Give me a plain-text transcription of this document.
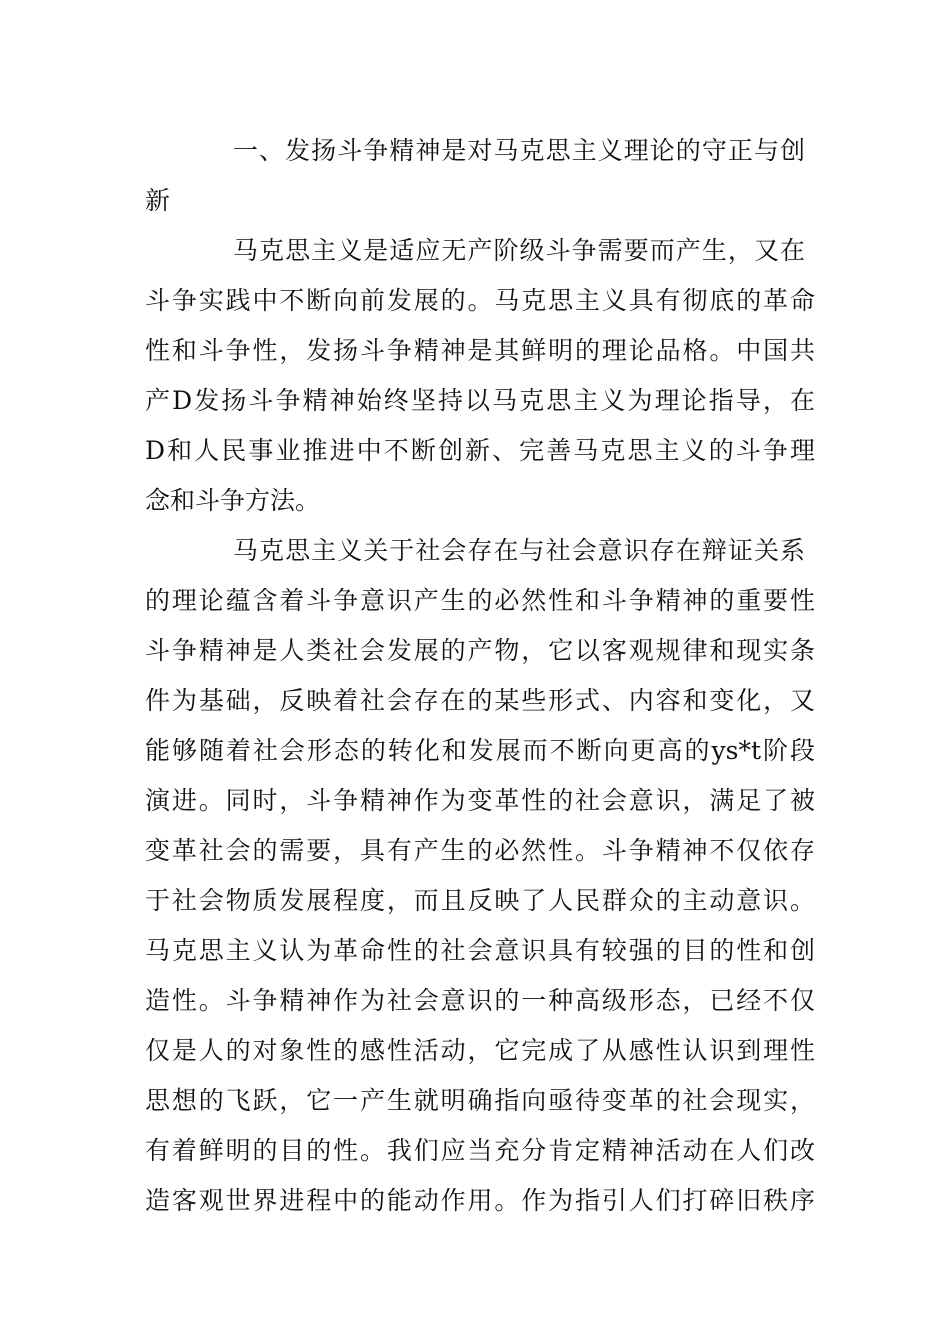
一、发扬斗争精神是对马克思主义理论的守正与创
新
马克思主义是适应无产阶级斗争需要而产生，又在
斗争实践中不断向前发展的。马克思主义具有彻底的革命
性和斗争性，发扬斗争精神是其鲜明的理论品格。中国共
产D发扬斗争精神始终坚持以马克思主义为理论指导，在
D和人民事业推进中不断创新、完善马克思主义的斗争理
念和斗争方法。
马克思主义关于社会存在与社会意识存在辩证关系
的理论蕴含着斗争意识产生的必然性和斗争精神的重要性
斗争精神是人类社会发展的产物，它以客观规律和现实条
件为基础，反映着社会存在的某些形式、内容和变化，又
能够随着社会形态的转化和发展而不断向更高的ys*t阶段
演进。同时，斗争精神作为变革性的社会意识，满足了被
变革社会的需要，具有产生的必然性。斗争精神不仅依存
于社会物质发展程度，而且反映了人民群众的主动意识。
马克思主义认为革命性的社会意识具有较强的目的性和创
造性。斗争精神作为社会意识的一种高级形态，已经不仅
仅是人的对象性的感性活动，它完成了从感性认识到理性
思想的飞跃，它一产生就明确指向亟待变革的社会现实，
有着鲜明的目的性。我们应当充分肯定精神活动在人们改
造客观世界进程中的能动作用。作为指引人们打碎旧秩序
